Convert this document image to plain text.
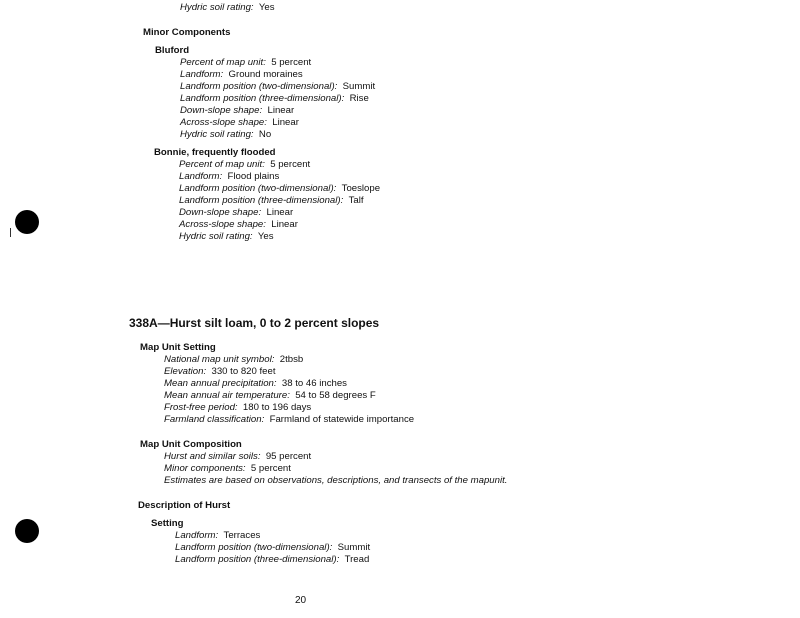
Hydric soil rating:  Yes
Minor Components
Bluford
Percent of map unit:  5 percent
Landform:  Ground moraines
Landform position (two-dimensional):  Summit
Landform position (three-dimensional):  Rise
Down-slope shape:  Linear
Across-slope shape:  Linear
Hydric soil rating:  No
Bonnie, frequently flooded
Percent of map unit:  5 percent
Landform:  Flood plains
Landform position (two-dimensional):  Toeslope
Landform position (three-dimensional):  Talf
Down-slope shape:  Linear
Across-slope shape:  Linear
Hydric soil rating:  Yes
338A—Hurst silt loam, 0 to 2 percent slopes
Map Unit Setting
National map unit symbol:  2tbsb
Elevation:  330 to 820 feet
Mean annual precipitation:  38 to 46 inches
Mean annual air temperature:  54 to 58 degrees F
Frost-free period:  180 to 196 days
Farmland classification:  Farmland of statewide importance
Map Unit Composition
Hurst and similar soils:  95 percent
Minor components:  5 percent
Estimates are based on observations, descriptions, and transects of the mapunit.
Description of Hurst
Setting
Landform:  Terraces
Landform position (two-dimensional):  Summit
Landform position (three-dimensional):  Tread
20
